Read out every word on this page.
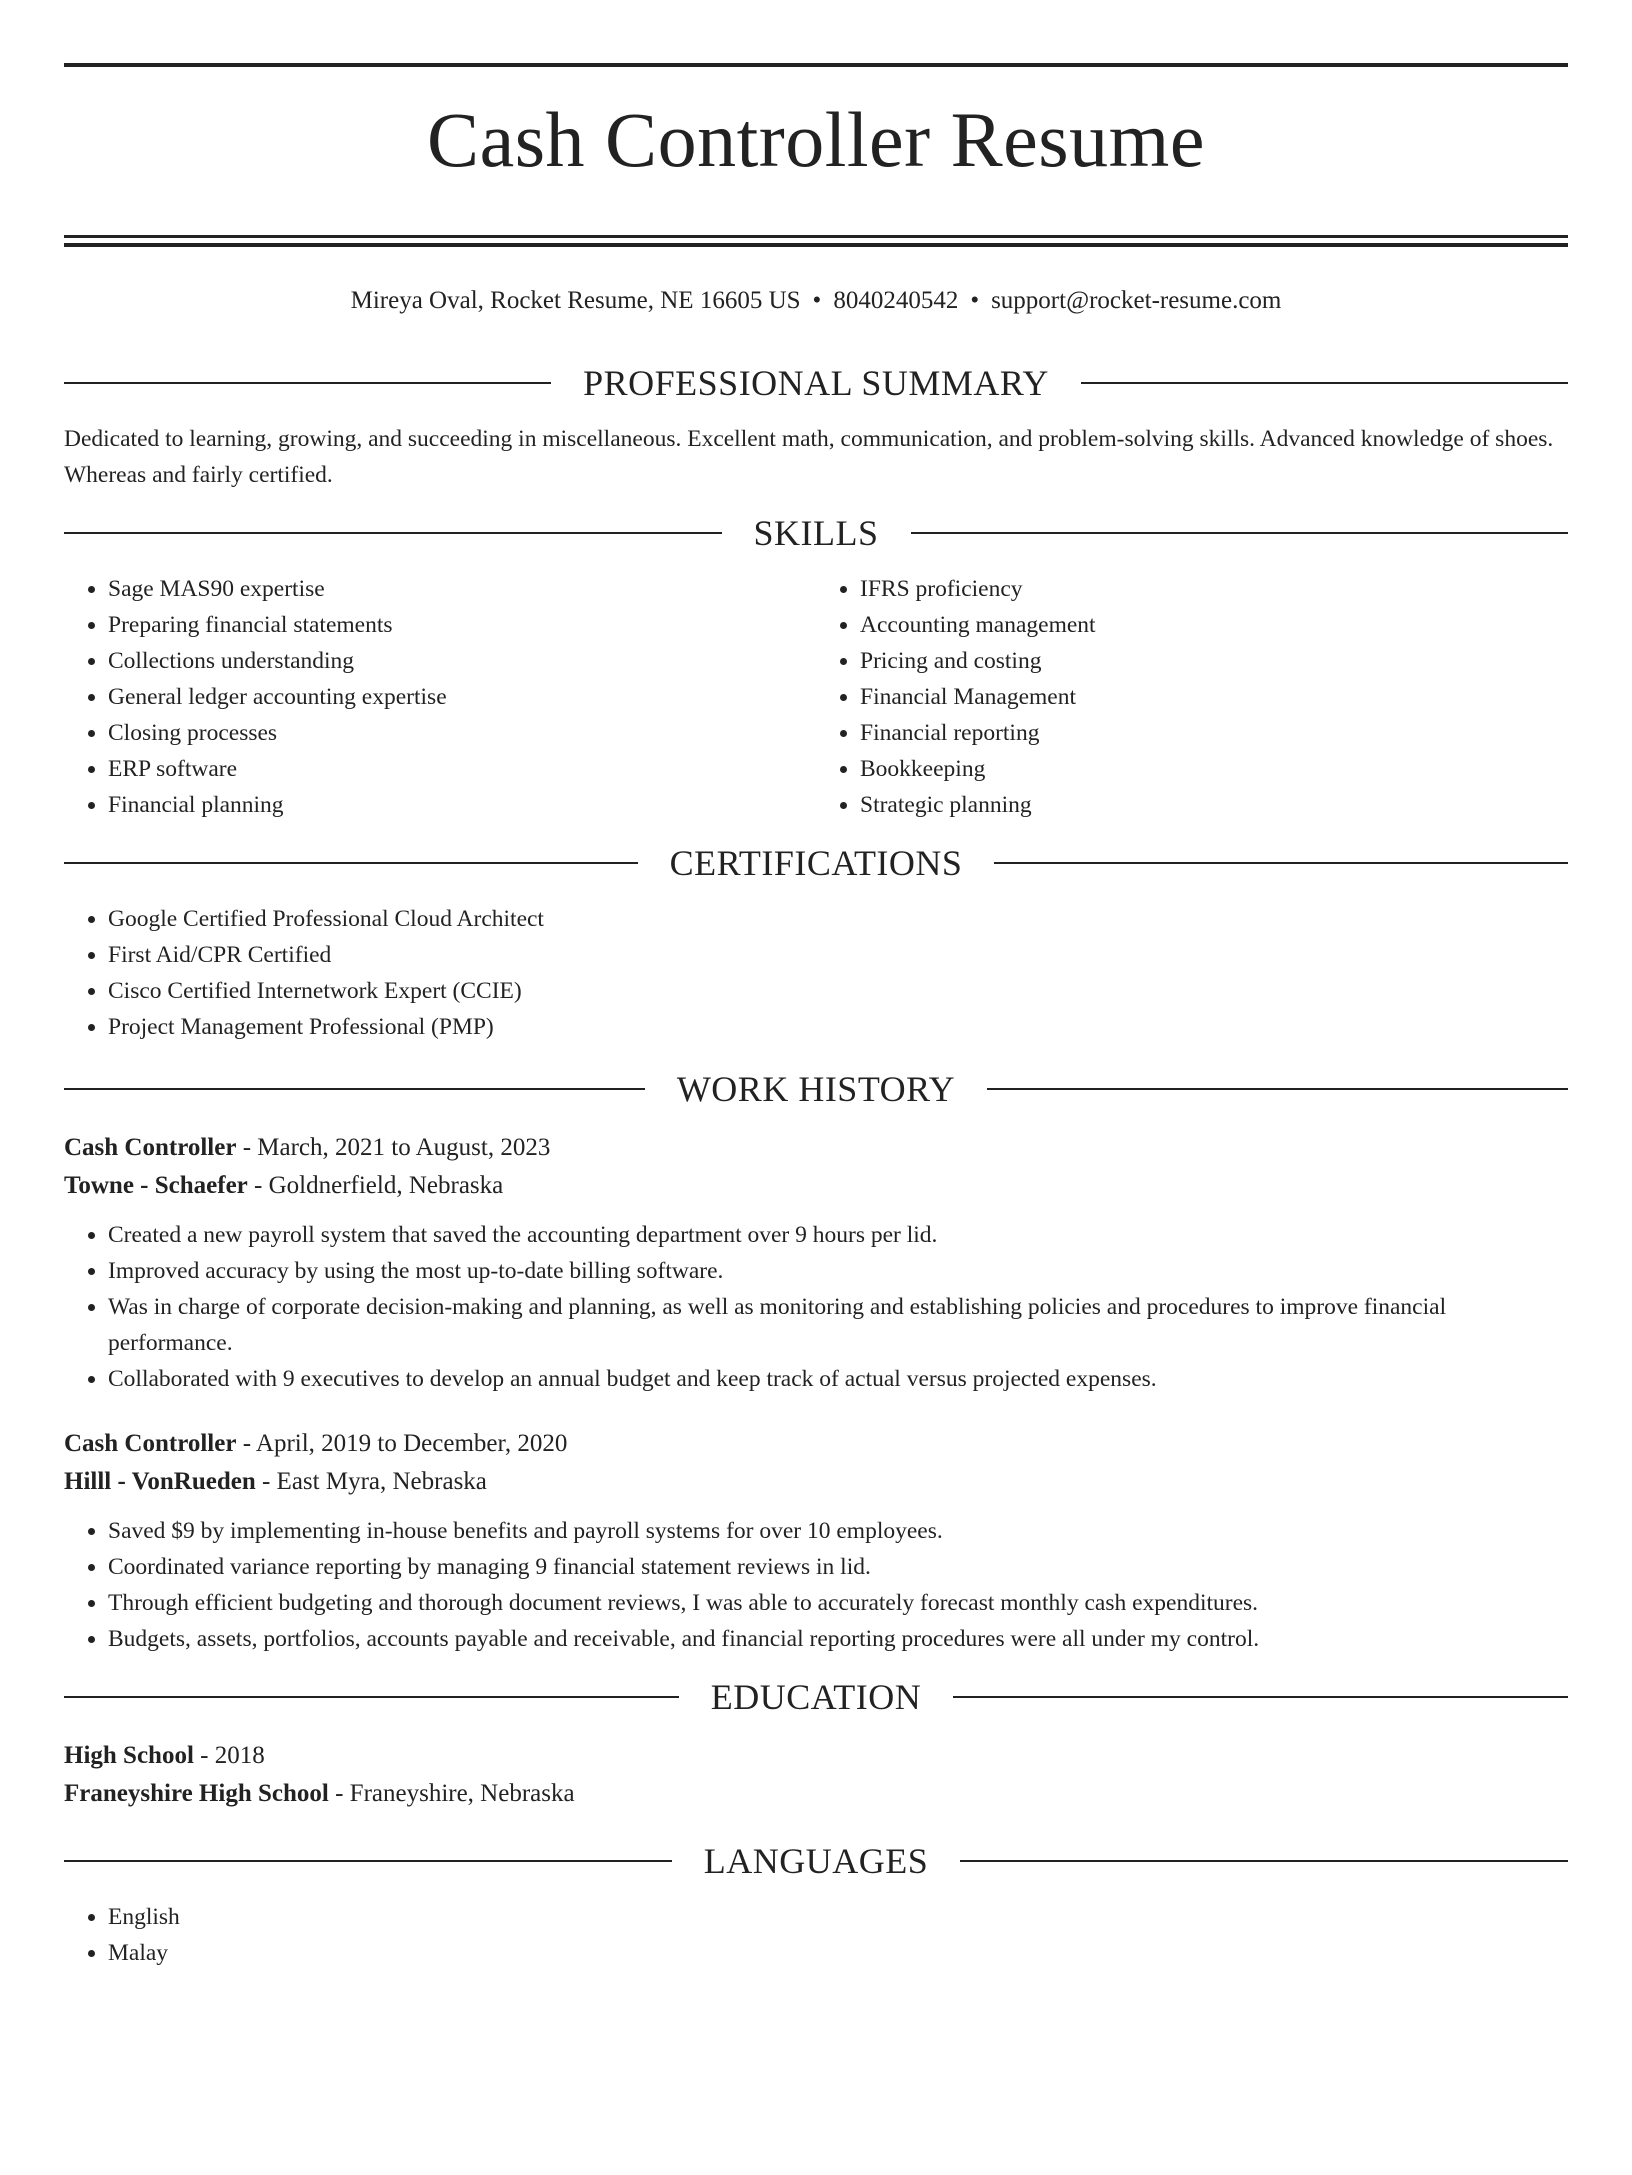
Cash Controller Resume
Mireya Oval, Rocket Resume, NE 16605 US • 8040240542 • support@rocket-resume.com
PROFESSIONAL SUMMARY
Dedicated to learning, growing, and succeeding in miscellaneous. Excellent math, communication, and problem-solving skills. Advanced knowledge of shoes. Whereas and fairly certified.
SKILLS
• Sage MAS90 expertise
• Preparing financial statements
• Collections understanding
• General ledger accounting expertise
• Closing processes
• ERP software
• Financial planning
• IFRS proficiency
• Accounting management
• Pricing and costing
• Financial Management
• Financial reporting
• Bookkeeping
• Strategic planning
CERTIFICATIONS
• Google Certified Professional Cloud Architect
• First Aid/CPR Certified
• Cisco Certified Internetwork Expert (CCIE)
• Project Management Professional (PMP)
WORK HISTORY
Cash Controller - March, 2021 to August, 2023
Towne - Schaefer - Goldnerfield, Nebraska
• Created a new payroll system that saved the accounting department over 9 hours per lid.
• Improved accuracy by using the most up-to-date billing software.
• Was in charge of corporate decision-making and planning, as well as monitoring and establishing policies and procedures to improve financial performance.
• Collaborated with 9 executives to develop an annual budget and keep track of actual versus projected expenses.
Cash Controller - April, 2019 to December, 2020
Hilll - VonRueden - East Myra, Nebraska
• Saved $9 by implementing in-house benefits and payroll systems for over 10 employees.
• Coordinated variance reporting by managing 9 financial statement reviews in lid.
• Through efficient budgeting and thorough document reviews, I was able to accurately forecast monthly cash expenditures.
• Budgets, assets, portfolios, accounts payable and receivable, and financial reporting procedures were all under my control.
EDUCATION
High School - 2018
Franeyshire High School - Franeyshire, Nebraska
LANGUAGES
• English
• Malay
